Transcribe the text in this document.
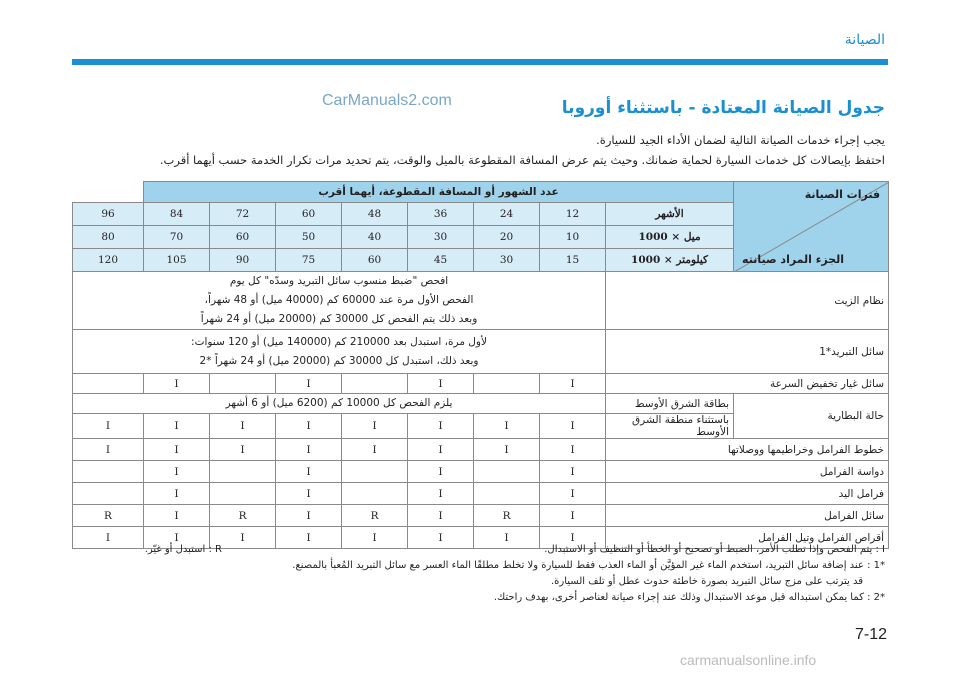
الصيانة
CarManuals2.com	جدول الصيانة المعتادة - باستثناء أوروبا
يجب إجراء خدمات الصيانة التالية لضمان الأداء الجيد للسيارة.
احتفظ بإيصالات كل خدمات السيارة لحماية ضمانك. وحيث يتم عرض المسافة المقطوعة بالميل والوقت، يتم تحديد مرات تكرار الخدمة حسب أيهما أقرب.
فترات الصيانة
الجزء المراد صيانته	عدد الشهور أو المسافة المقطوعة، أيهما أقرب								
	الأشهر	12	24	36	48	60	72	84	96
	ميل × 1000	10	20	30	40	50	60	70	80
	كيلومتر × 1000	15	30	45	60	75	90	105	120
نظام الزيت		افحص "ضبط منسوب سائل التبريد وسدّه" كل يوم
الفحص الأول مرة عند 60000 كم (40000 ميل) أو 48 شهراً،
وبعد ذلك يتم الفحص كل 30000 كم (20000 ميل) أو 24 شهراً							

سائل التبريد*1		لأول مرة، استبدل بعد 210000 كم (140000 ميل) أو 120 سنوات:
وبعد ذلك، استبدل كل 30000 كم (20000 ميل) أو 24 شهراً *2							

سائل غيار تخفيض السرعة		I		I		I		I	
حالة البطارية	بطاقة الشرق الأوسط	يلزم الفحص كل 10000 كم (6200 ميل) أو 6 أشهر							
	باستثناء منطقة الشرق الأوسط	I	I	I	I	I	I	I	I
خطوط الفرامل وخراطيمها ووصلاتها		I	I	I	I	I	I	I	I
دواسة الفرامل		I		I		I		I	
فرامل اليد		I		I		I		I	
سائل الفرامل		I	R	I	R	I	R	I	R
أقراص الفرامل وتيل الفرامل		I	I	I	I	I	I	I	I
I : يتم الفحص وإذا تطلب الأمر، الضبط أو تصحيح أو الخطأ أو التنظيف أو الاستبدال.
R : استبدل أو غيّر.
*1 : عند إضافة سائل التبريد، استخدم الماء غير المؤيَّن أو الماء العذب فقط للسيارة ولا تخلط مطلقًا الماء العسر مع سائل التبريد المُعبأ بالمصنع.
قد يترتب على مزج سائل التبريد بصورة خاطئة حدوث عطل أو تلف السيارة.
*2 : كما يمكن استبداله قبل موعد الاستبدال وذلك عند إجراء صيانة لعناصر أخرى، بهدف راحتك.
7-12
carmanualsonline.info
